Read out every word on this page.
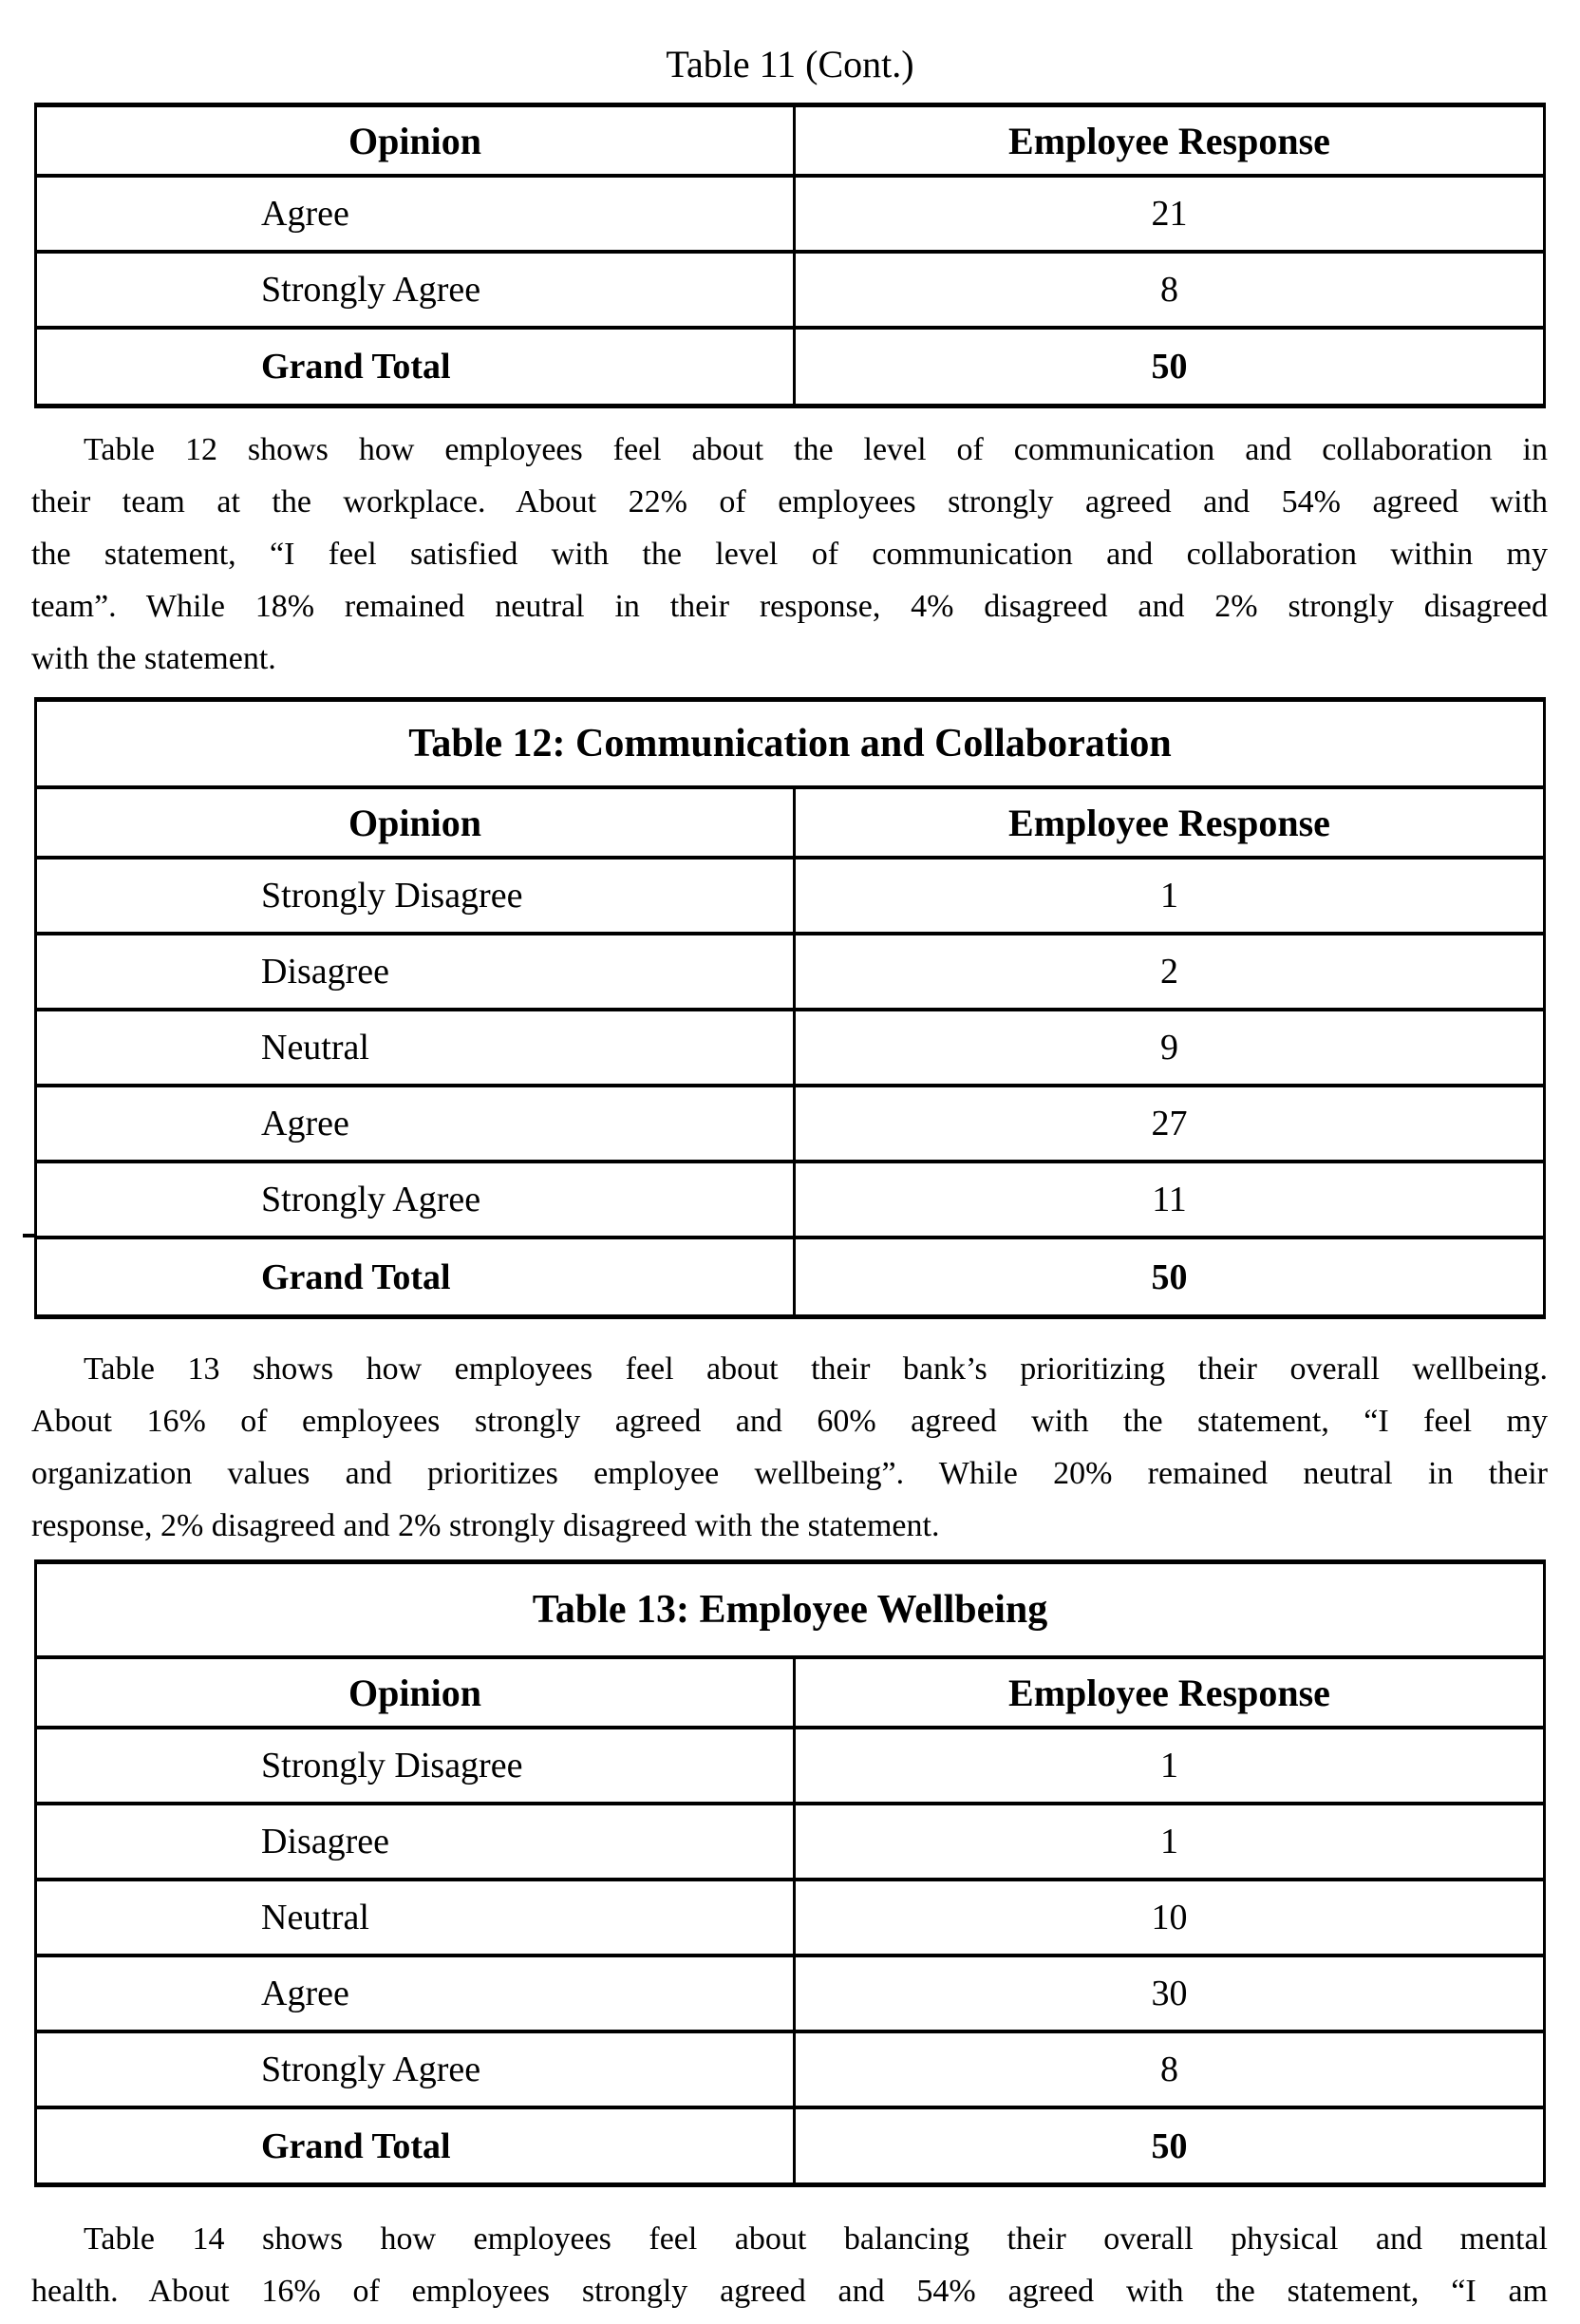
Table 11 (Cont.)
Opinion	Employee Response
Agree	21
Strongly Agree	8
Grand Total	50
Table 12 shows how employees feel about the level of communication and collaboration in
their team at the workplace. About 22% of employees strongly agreed and 54% agreed with
the statement, “I feel satisfied with the level of communication and collaboration within my
team”. While 18% remained neutral in their response, 4% disagreed and 2% strongly disagreed
with the statement.
Table 12: Communication and Collaboration
Opinion	Employee Response
Strongly Disagree	1
Disagree	2
Neutral	9
Agree	27
Strongly Agree	11
Grand Total	50
Table 13 shows how employees feel about their bank’s prioritizing their overall wellbeing.
About 16% of employees strongly agreed and 60% agreed with the statement, “I feel my
organization values and prioritizes employee wellbeing”. While 20% remained neutral in their
response, 2% disagreed and 2% strongly disagreed with the statement.
Table 13: Employee Wellbeing
Opinion	Employee Response
Strongly Disagree	1
Disagree	1
Neutral	10
Agree	30
Strongly Agree	8
Grand Total	50
Table 14 shows how employees feel about balancing their overall physical and mental
health. About 16% of employees strongly agreed and 54% agreed with the statement, “I am
